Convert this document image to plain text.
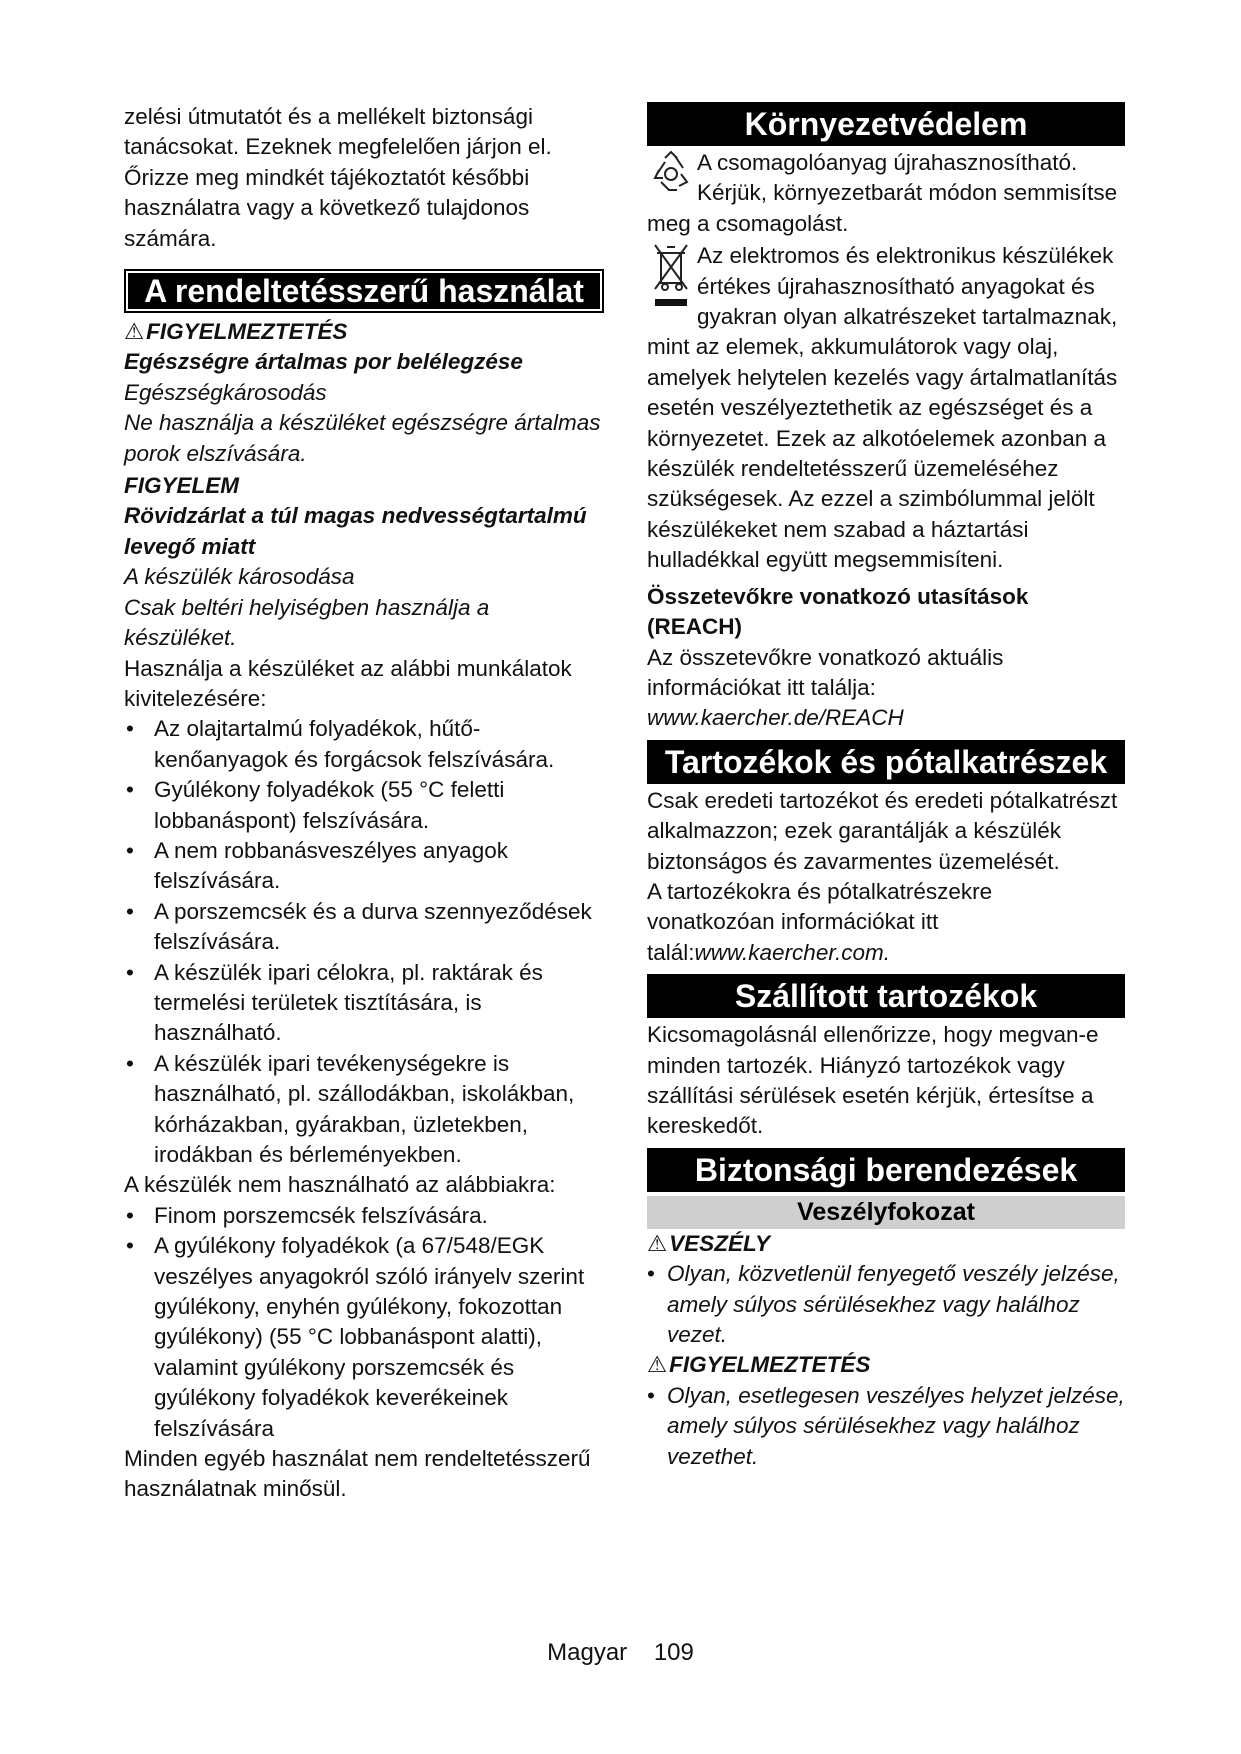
zelési útmutatót és a mellékelt biztonsági tanácsokat. Ezeknek megfelelően járjon el. Őrizze meg mindkét tájékoztatót későbbi használatra vagy a következő tulajdonos számára.

A rendeltetésszerű használat

⚠FIGYELMEZTETÉS

Egészségre ártalmas por belélegzése

Egészségkárosodás

Ne használja a készüléket egészségre ártalmas porok elszívására.

FIGYELEM

Rövidzárlat a túl magas nedvességtartalmú levegő miatt

A készülék károsodása

Csak beltéri helyiségben használja a készüléket.

Használja a készüléket az alábbi munkálatok kivitelezésére:

• Az olajtartalmú folyadékok, hűtő-kenőanyagok és forgácsok felszívására.
• Gyúlékony folyadékok (55 °C feletti lobbanáspont) felszívására.
• A nem robbanásveszélyes anyagok felszívására.
• A porszemcsék és a durva szennyeződések felszívására.
• A készülék ipari célokra, pl. raktárak és termelési területek tisztítására, is használható.
• A készülék ipari tevékenységekre is használható, pl. szállodákban, iskolákban, kórházakban, gyárakban, üzletekben, irodákban és bérleményekben.

A készülék nem használható az alábbiakra:

• Finom porszemcsék felszívására.
• A gyúlékony folyadékok (a 67/548/EGK veszélyes anyagokról szóló irányelv szerint gyúlékony, enyhén gyúlékony, fokozottan gyúlékony) (55 °C lobbanáspont alatti), valamint gyúlékony porszemcsék és gyúlékony folyadékok keverékeinek felszívására

Minden egyéb használat nem rendeltetésszerű használatnak minősül.

Környezetvédelem

A csomagolóanyag újrahasznosítható. Kérjük, környezetbarát módon semmisítse meg a csomagolást.

Az elektromos és elektronikus készülékek értékes újrahasznosítható anyagokat és gyakran olyan alkatrészeket tartalmaznak, mint az elemek, akkumulátorok vagy olaj, amelyek helytelen kezelés vagy ártalmatlanítás esetén veszélyeztethetik az egészséget és a környezetet. Ezek az alkotóelemek azonban a készülék rendeltetésszerű üzemeléséhez szükségesek. Az ezzel a szimbólummal jelölt készülékeket nem szabad a háztartási hulladékkal együtt megsemmisíteni.

Összetevőkre vonatkozó utasítások (REACH)

Az összetevőkre vonatkozó aktuális információkat itt találja: www.kaercher.de/REACH

Tartozékok és pótalkatrészek

Csak eredeti tartozékot és eredeti pótalkatrészt alkalmazzon; ezek garantálják a készülék biztonságos és zavarmentes üzemelését.

A tartozékokra és pótalkatrészekre vonatkozóan információkat itt talál:www.kaercher.com.

Szállított tartozékok

Kicsomagolásnál ellenőrizze, hogy megvan-e minden tartozék. Hiányzó tartozékok vagy szállítási sérülések esetén kérjük, értesítse a kereskedőt.

Biztonsági berendezések
Veszélyfokozat

⚠VESZÉLY

• Olyan, közvetlenül fenyegető veszély jelzése, amely súlyos sérülésekhez vagy halálhoz vezet.

⚠FIGYELMEZTETÉS

• Olyan, esetlegesen veszélyes helyzet jelzése, amely súlyos sérülésekhez vagy halálhoz vezethet.
Magyar 109
